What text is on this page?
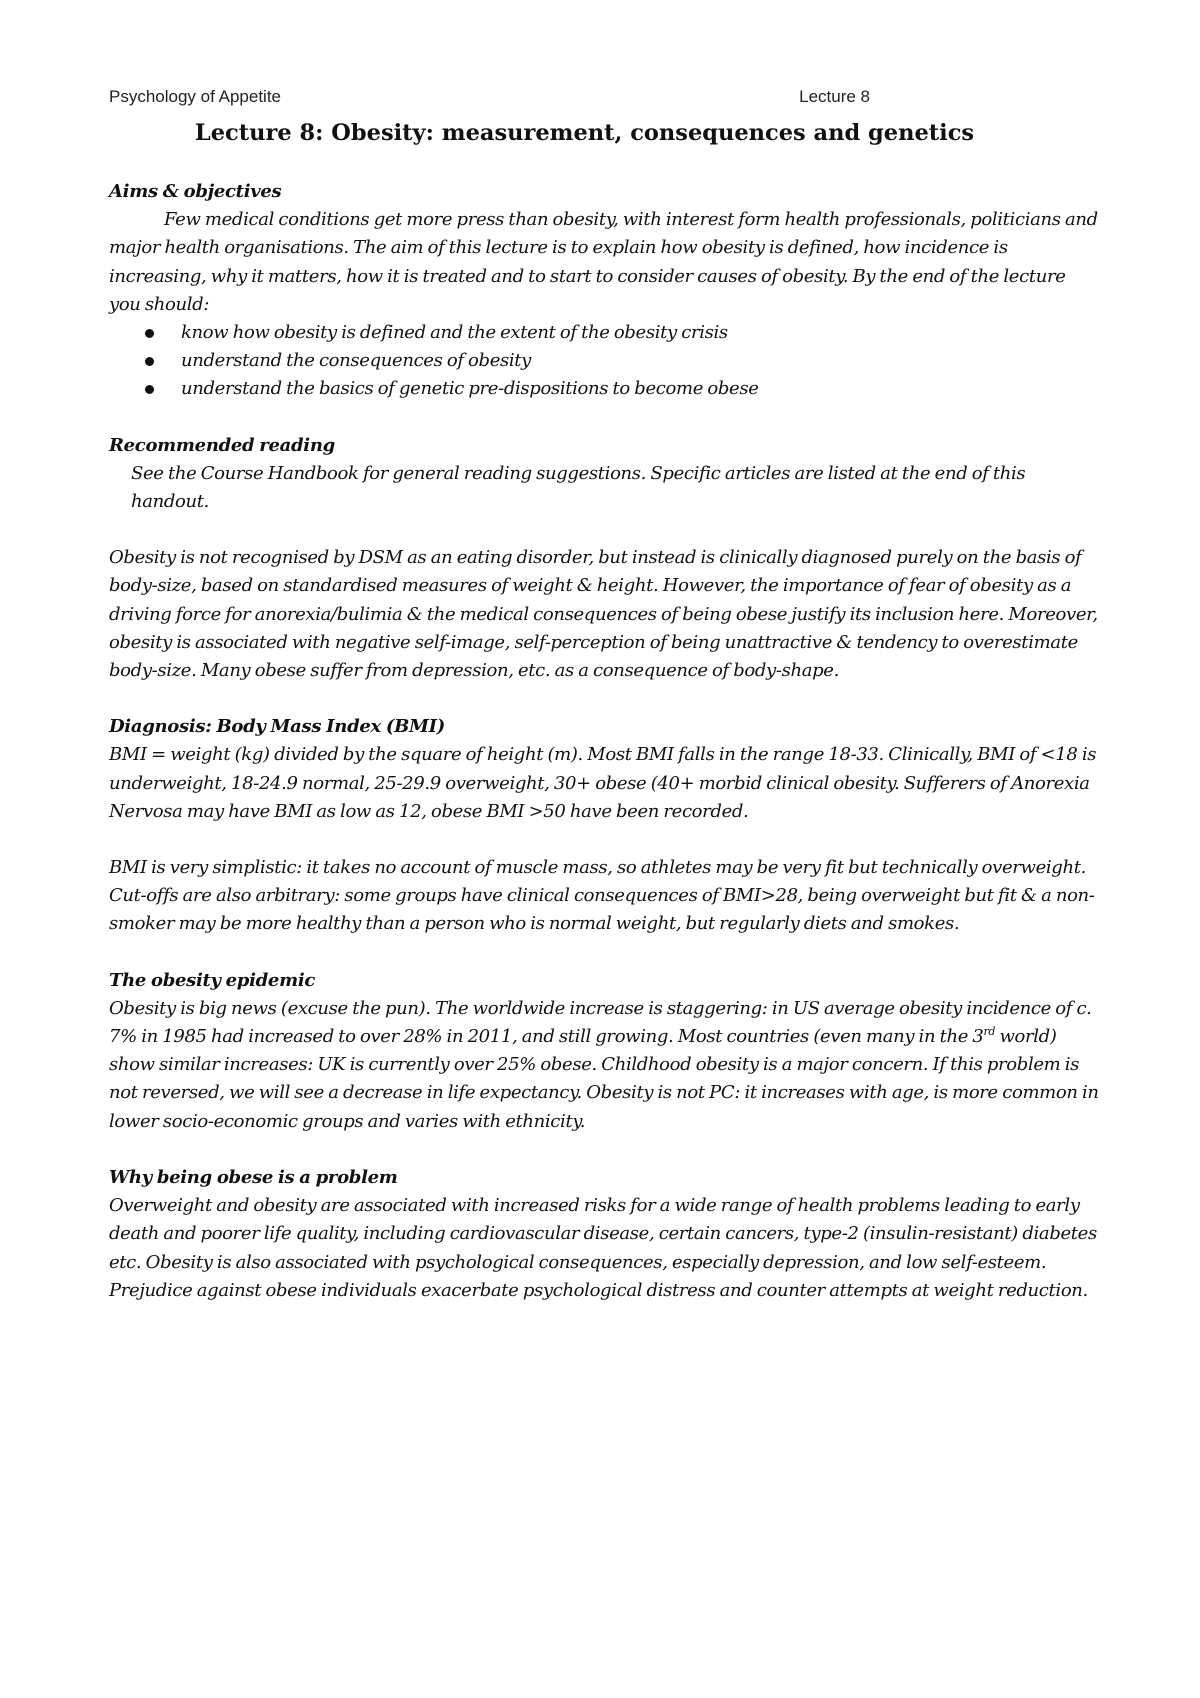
Psychology of Appetite	Lecture 8
Lecture 8: Obesity: measurement, consequences and genetics

Aims & objectives

Few medical conditions get more press than obesity, with interest form health professionals, politicians and major health organisations. The aim of this lecture is to explain how obesity is defined, how incidence is increasing, why it matters, how it is treated and to start to consider causes of obesity. By the end of the lecture you should:

know how obesity is defined and the extent of the obesity crisis
understand the consequences of obesity
understand the basics of genetic pre-dispositions to become obese

Recommended reading

See the Course Handbook for general reading suggestions. Specific articles are listed at the end of this handout.

Obesity is not recognised by DSM as an eating disorder, but instead is clinically diagnosed purely on the basis of body-size, based on standardised measures of weight & height. However, the importance of fear of obesity as a driving force for anorexia/bulimia & the medical consequences of being obese justify its inclusion here. Moreover, obesity is associated with negative self-image, self-perception of being unattractive & tendency to overestimate body-size. Many obese suffer from depression, etc. as a consequence of body-shape.

Diagnosis: Body Mass Index (BMI)

BMI = weight (kg) divided by the square of height (m). Most BMI falls in the range 18-33. Clinically, BMI of <18 is underweight, 18-24.9 normal, 25-29.9 overweight, 30+ obese (40+ morbid clinical obesity. Sufferers of Anorexia Nervosa may have BMI as low as 12, obese BMI >50 have been recorded.

BMI is very simplistic: it takes no account of muscle mass, so athletes may be very fit but technically overweight. Cut-offs are also arbitrary: some groups have clinical consequences of BMI>28, being overweight but fit & a non-smoker may be more healthy than a person who is normal weight, but regularly diets and smokes.

The obesity epidemic

Obesity is big news (excuse the pun). The worldwide increase is staggering: in US average obesity incidence of c. 7% in 1985 had increased to over 28% in 2011, and still growing. Most countries (even many in the 3rd world) show similar increases: UK is currently over 25% obese. Childhood obesity is a major concern. If this problem is not reversed, we will see a decrease in life expectancy. Obesity is not PC: it increases with age, is more common in lower socio-economic groups and varies with ethnicity.

Why being obese is a problem

Overweight and obesity are associated with increased risks for a wide range of health problems leading to early death and poorer life quality, including cardiovascular disease, certain cancers, type-2 (insulin-resistant) diabetes etc. Obesity is also associated with psychological consequences, especially depression, and low self-esteem. Prejudice against obese individuals exacerbate psychological distress and counter attempts at weight reduction.
